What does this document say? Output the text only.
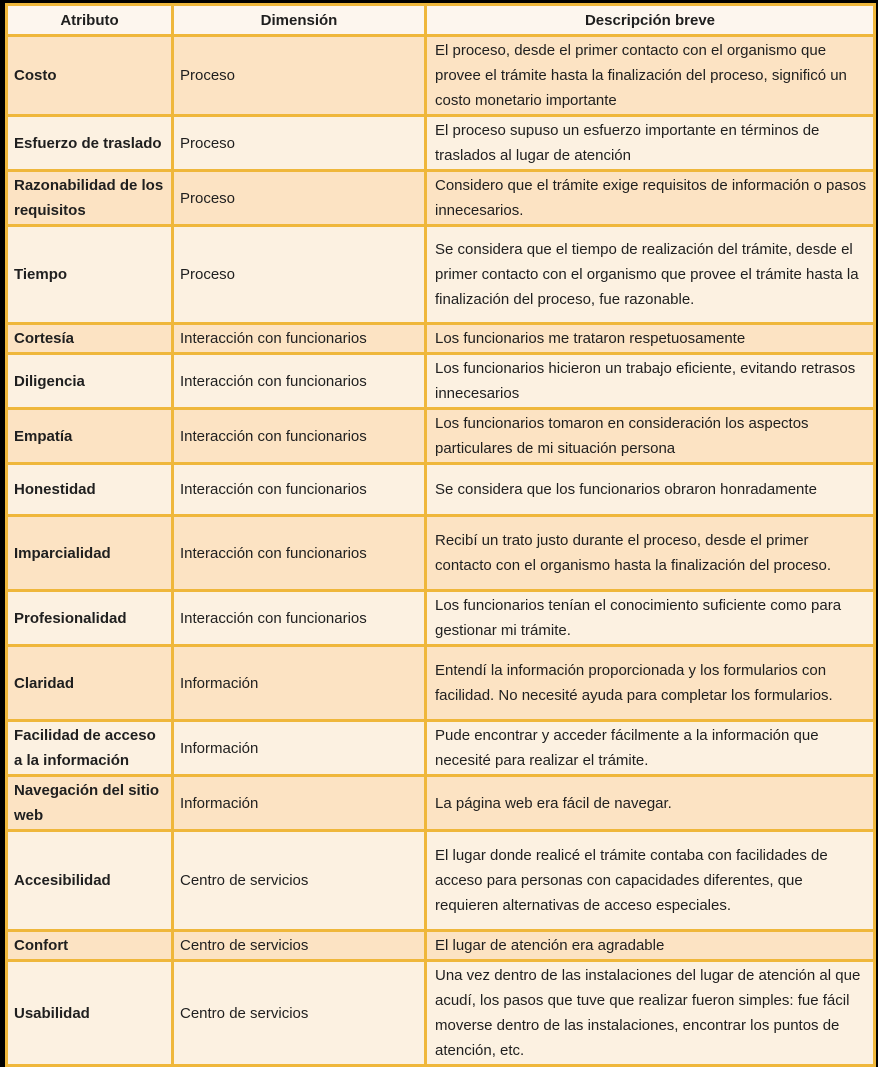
Atributo	Dimensión	Descripción breve
Costo	Proceso	El proceso, desde el primer contacto con el organismo que provee el trámite hasta la finalización del proceso, significó un costo monetario importante
Esfuerzo de traslado	Proceso	El proceso supuso un esfuerzo importante en términos de traslados al lugar de atención
Razonabilidad de los requisitos	Proceso	Considero que el trámite exige requisitos de información o pasos innecesarios.
Tiempo	Proceso	Se considera que el tiempo de realización del trámite, desde el primer contacto con el organismo que provee el trámite hasta la finalización del proceso, fue razonable.
Cortesía	Interacción con funcionarios	Los funcionarios me trataron respetuosamente
Diligencia	Interacción con funcionarios	Los funcionarios hicieron un trabajo eficiente, evitando retrasos innecesarios
Empatía	Interacción con funcionarios	Los funcionarios tomaron en consideración los aspectos particulares de mi situación persona
Honestidad	Interacción con funcionarios	Se considera que los funcionarios obraron honradamente
Imparcialidad	Interacción con funcionarios	Recibí un trato justo durante el proceso, desde el primer contacto con el organismo hasta la finalización del proceso.
Profesionalidad	Interacción con funcionarios	Los funcionarios tenían el conocimiento suficiente como para gestionar mi trámite.
Claridad	Información	Entendí la información proporcionada y los formularios con facilidad. No necesité ayuda para completar los formularios.
Facilidad de acceso a la información	Información	Pude encontrar y acceder fácilmente a la información que necesité para realizar el trámite.
Navegación del sitio web	Información	La página web era fácil de navegar.
Accesibilidad	Centro de servicios	El lugar donde realicé el trámite contaba con facilidades de acceso para personas con capacidades diferentes, que requieren alternativas de acceso especiales.
Confort	Centro de servicios	El lugar de atención era agradable
Usabilidad	Centro de servicios	Una vez dentro de las instalaciones del lugar de atención al que acudí, los pasos que tuve que realizar fueron simples: fue fácil moverse dentro de las instalaciones, encontrar los puntos de atención, etc.
